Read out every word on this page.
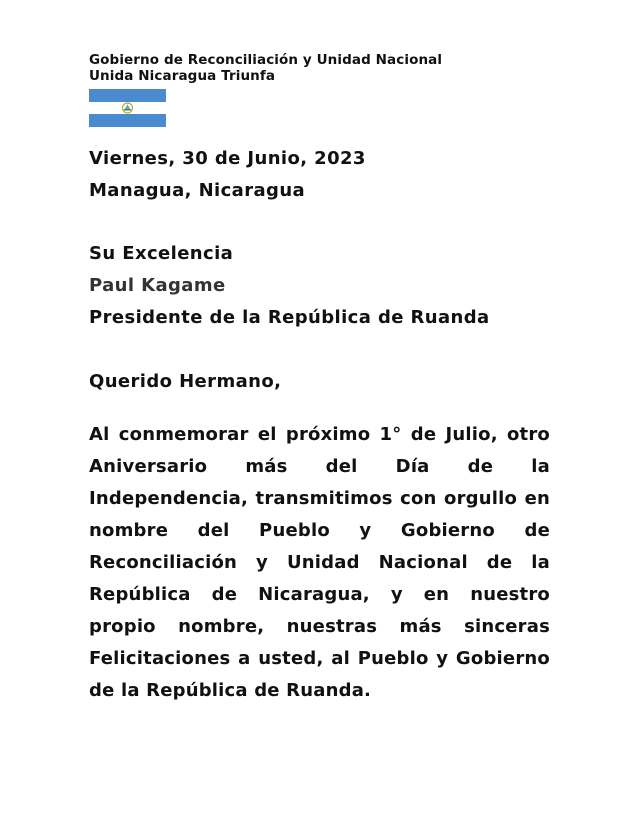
Gobierno de Reconciliación y Unidad Nacional
Unida Nicaragua Triunfa
Viernes, 30 de Junio, 2023
Managua, Nicaragua
Su Excelencia
Paul Kagame
Presidente de la República de Ruanda
Querido Hermano,
Al conmemorar el próximo 1° de Julio, otro Aniversario más del Día de la Independencia, transmitimos con orgullo en nombre del Pueblo y Gobierno de Reconciliación y Unidad Nacional de la República de Nicaragua, y en nuestro propio nombre, nuestras más sinceras Felicitaciones a usted, al Pueblo y Gobierno de la República de Ruanda.
